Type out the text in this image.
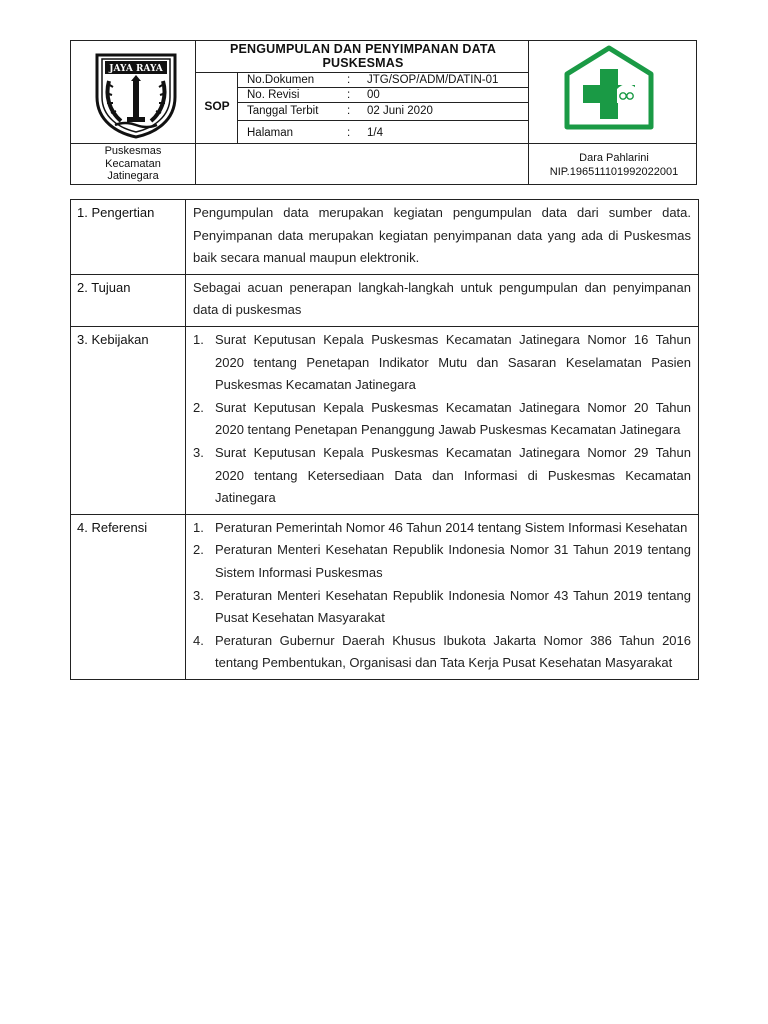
JAYA RAYA
PENGUMPULAN DAN PENYIMPANAN DATA PUSKESMAS
SOP
No.Dokumen	:	JTG/SOP/ADM/DATIN-01
No. Revisi	:	00
Tanggal Terbit	:	02 Juni 2020
Halaman	:	1/4
Puskesmas
Kecamatan
Jatinegara
Dara Pahlarini
NIP.196511101992022001
1. Pengertian	Pengumpulan data merupakan kegiatan pengumpulan data dari sumber data. Penyimpanan data merupakan kegiatan penyimpanan data yang ada di Puskesmas baik secara manual maupun elektronik.

2. Tujuan	Sebagai acuan penerapan langkah-langkah untuk pengumpulan dan penyimpanan data di puskesmas

3. Kebijakan	1. Surat Keputusan Kepala Puskesmas Kecamatan Jatinegara Nomor 16 Tahun 2020 tentang Penetapan Indikator Mutu dan Sasaran Keselamatan Pasien Puskesmas Kecamatan Jatinegara
2. Surat Keputusan Kepala Puskesmas Kecamatan Jatinegara Nomor 20 Tahun 2020 tentang Penetapan Penanggung Jawab Puskesmas Kecamatan Jatinegara
3. Surat Keputusan Kepala Puskesmas Kecamatan Jatinegara Nomor 29 Tahun 2020 tentang Ketersediaan Data dan Informasi di Puskesmas Kecamatan Jatinegara
4. Referensi	1. Peraturan Pemerintah Nomor 46 Tahun 2014 tentang Sistem Informasi Kesehatan
2. Peraturan Menteri Kesehatan Republik Indonesia Nomor 31 Tahun 2019 tentang Sistem Informasi Puskesmas
3. Peraturan Menteri Kesehatan Republik Indonesia Nomor 43 Tahun 2019 tentang Pusat Kesehatan Masyarakat
4. Peraturan Gubernur Daerah Khusus Ibukota Jakarta Nomor 386 Tahun 2016 tentang Pembentukan, Organisasi dan Tata Kerja Pusat Kesehatan Masyarakat
